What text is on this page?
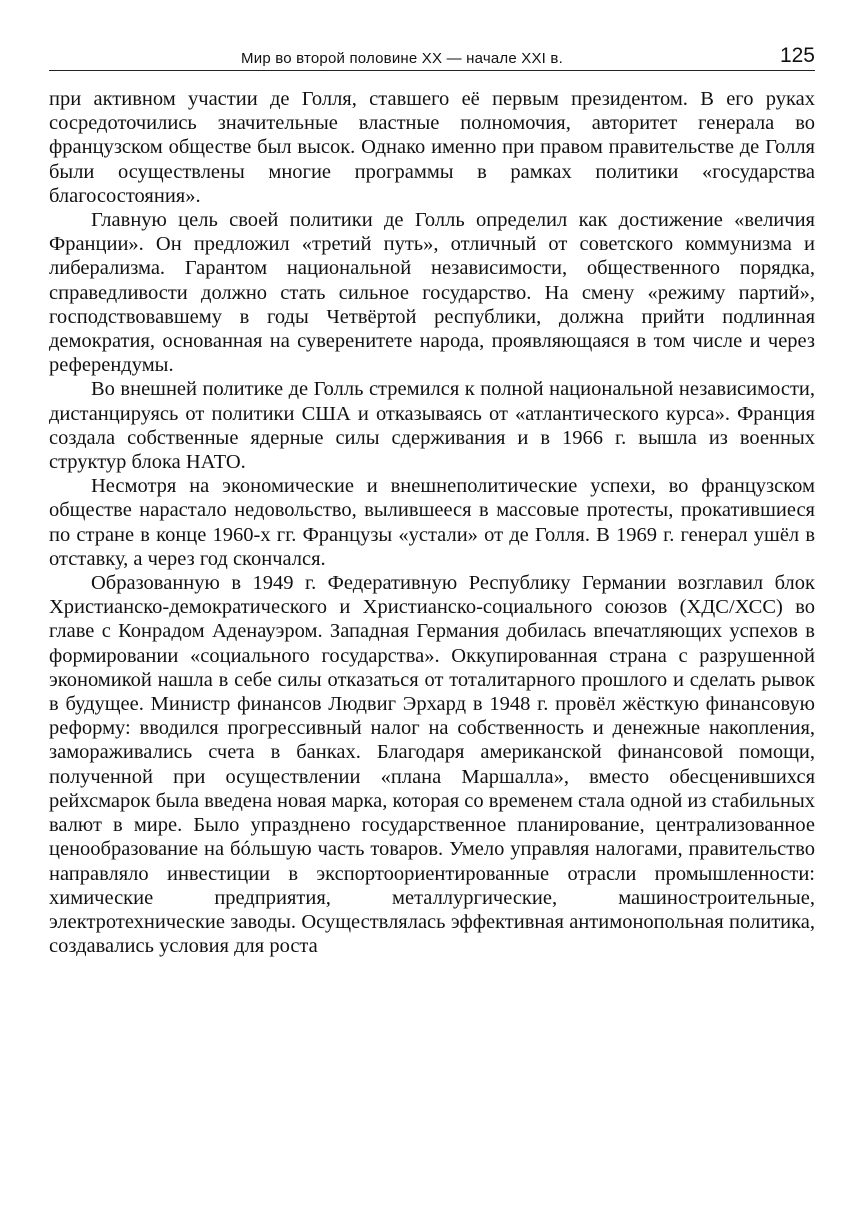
Мир во второй половине XX — начале XXI в.	125

при активном участии де Голля, ставшего её первым президентом. В его руках сосредоточились значительные властные полномочия, авторитет генерала во французском обществе был высок. Однако именно при правом правительстве де Голля были осуществлены многие программы в рамках политики «государства благосостояния».

Главную цель своей политики де Голль определил как достижение «величия Франции». Он предложил «третий путь», отличный от советского коммунизма и либерализма. Гарантом национальной независимости, общественного порядка, справедливости должно стать сильное государство. На смену «режиму партий», господствовавшему в годы Четвёртой республики, должна прийти подлинная демократия, основанная на суверенитете народа, проявляющаяся в том числе и через референдумы.

Во внешней политике де Голль стремился к полной национальной независимости, дистанцируясь от политики США и отказываясь от «атлантического курса». Франция создала собственные ядерные силы сдерживания и в 1966 г. вышла из военных структур блока НАТО.

Несмотря на экономические и внешнеполитические успехи, во французском обществе нарастало недовольство, вылившееся в массовые протесты, прокатившиеся по стране в конце 1960-х гг. Французы «устали» от де Голля. В 1969 г. генерал ушёл в отставку, а через год скончался.

Образованную в 1949 г. Федеративную Республику Германии возглавил блок Христианско-демократического и Христианско-социального союзов (ХДС/ХСС) во главе с Конрадом Аденауэром. Западная Германия добилась впечатляющих успехов в формировании «социального государства». Оккупированная страна с разрушенной экономикой нашла в себе силы отказаться от тоталитарного прошлого и сделать рывок в будущее. Министр финансов Людвиг Эрхард в 1948 г. провёл жёсткую финансовую реформу: вводился прогрессивный налог на собственность и денежные накопления, замораживались счета в банках. Благодаря американской финансовой помощи, полученной при осуществлении «плана Маршалла», вместо обесценившихся рейхсмарок была введена новая марка, которая со временем стала одной из стабильных валют в мире. Было упразднено государственное планирование, централизованное ценообразование на бóльшую часть товаров. Умело управляя налогами, правительство направляло инвестиции в экспортоориентированные отрасли промышленности: химические предприятия, металлургические, машиностроительные, электротехнические заводы. Осуществлялась эффективная антимонопольная политика, создавались условия для роста
